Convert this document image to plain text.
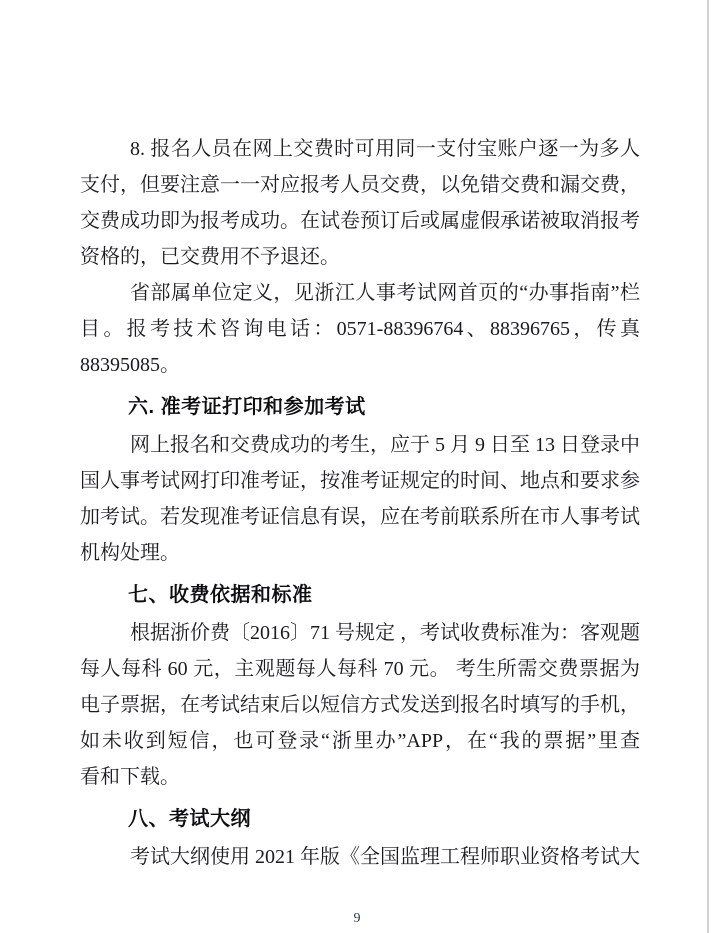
8. 报名人员在网上交费时可用同一支付宝账户逐一为多人
支付，但要注意一一对应报考人员交费，以免错交费和漏交费，
交费成功即为报考成功。在试卷预订后或属虚假承诺被取消报考
资格的，已交费用不予退还。
省部属单位定义，见浙江人事考试网首页的“办事指南”栏
目。报考技术咨询电话：0571-88396764、88396765，传真
88395085。
六. 准考证打印和参加考试
网上报名和交费成功的考生，应于 5 月 9 日至 13 日登录中
国人事考试网打印准考证，按准考证规定的时间、地点和要求参
加考试。若发现准考证信息有误，应在考前联系所在市人事考试
机构处理。
七、收费依据和标准
根据浙价费〔2016〕71 号规定 ，考试收费标准为：客观题
每人每科 60 元，主观题每人每科 70 元。 考生所需交费票据为
电子票据，在考试结束后以短信方式发送到报名时填写的手机，
如未收到短信，也可登录“浙里办”APP，在“我的票据”里查
看和下载。
八、考试大纲
考试大纲使用 2021 年版《全国监理工程师职业资格考试大
9
